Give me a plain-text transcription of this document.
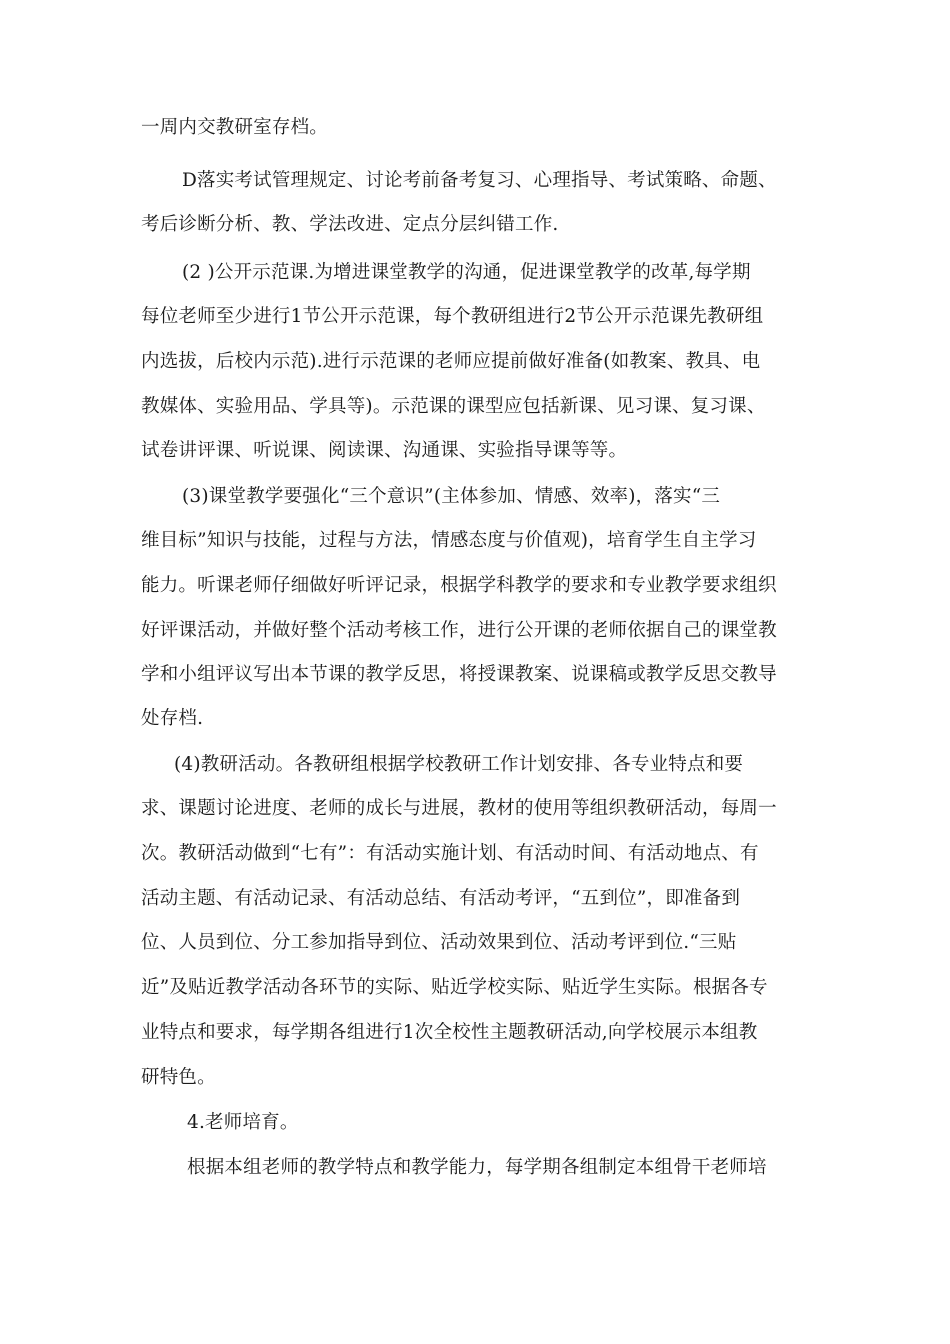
一周内交教研室存档。
D落实考试管理规定、讨论考前备考复习、心理指导、考试策略、命题、
考后诊断分析、教、学法改进、定点分层纠错工作.
(2 )公开示范课.为增进课堂教学的沟通，促进课堂教学的改革,每学期
每位老师至少进行1节公开示范课，每个教研组进行2节公开示范课先教研组
内选拔，后校内示范).进行示范课的老师应提前做好准备(如教案、教具、电
教媒体、实验用品、学具等)。示范课的课型应包括新课、见习课、复习课、
试卷讲评课、听说课、阅读课、沟通课、实验指导课等等。
(3)课堂教学要强化“三个意识”(主体参加、情感、效率)，落实“三
维目标”知识与技能，过程与方法，情感态度与价值观)，培育学生自主学习
能力。听课老师仔细做好听评记录，根据学科教学的要求和专业教学要求组织
好评课活动，并做好整个活动考核工作，进行公开课的老师依据自己的课堂教
学和小组评议写出本节课的教学反思，将授课教案、说课稿或教学反思交教导
处存档.
(4)教研活动。各教研组根据学校教研工作计划安排、各专业特点和要
求、课题讨论进度、老师的成长与进展，教材的使用等组织教研活动，每周一
次。教研活动做到“七有”：有活动实施计划、有活动时间、有活动地点、有
活动主题、有活动记录、有活动总结、有活动考评，“五到位”，即准备到
位、人员到位、分工参加指导到位、活动效果到位、活动考评到位.“三贴
近”及贴近教学活动各环节的实际、贴近学校实际、贴近学生实际。根据各专
业特点和要求，每学期各组进行1次全校性主题教研活动,向学校展示本组教
研特色。
4.老师培育。
根据本组老师的教学特点和教学能力，每学期各组制定本组骨干老师培
